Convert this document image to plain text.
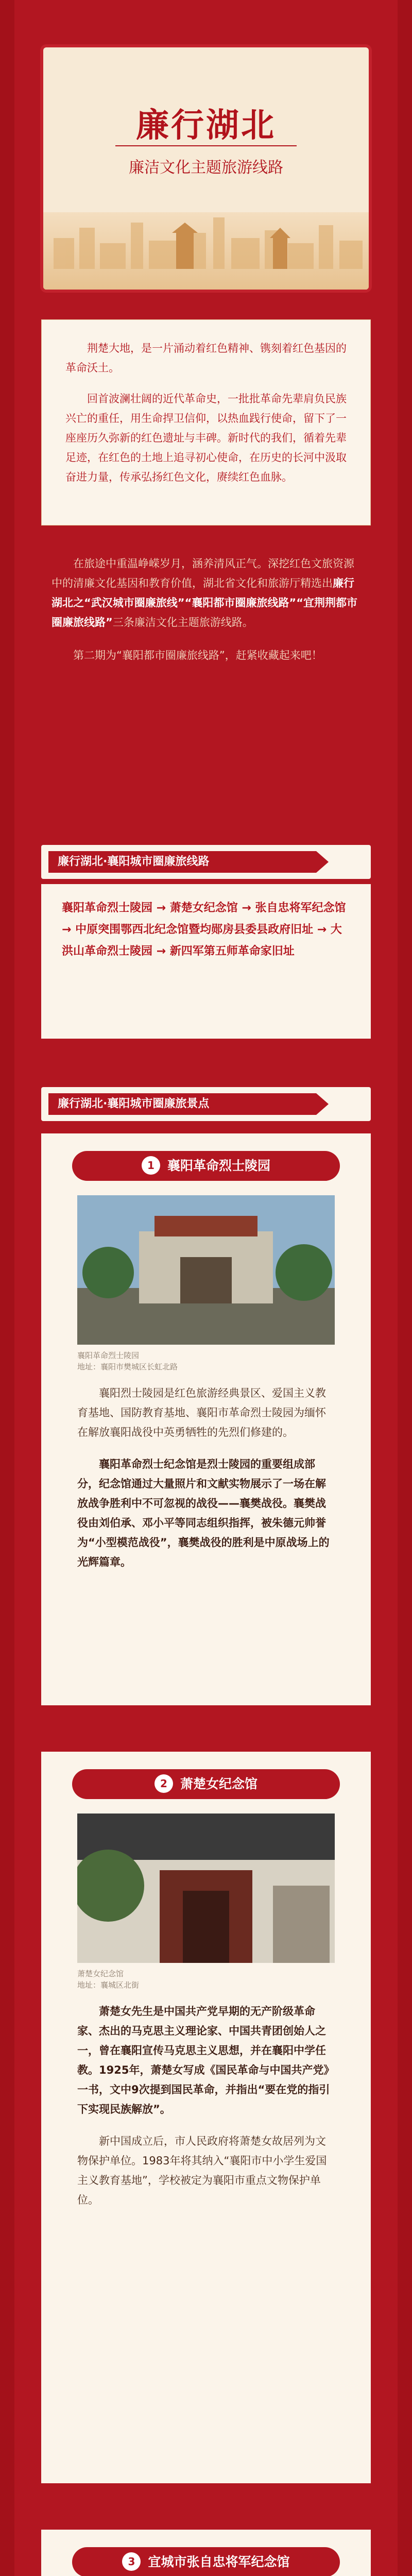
廉行湖北
廉洁文化主题旅游线路

荆楚大地，是一片涌动着红色精神、镌刻着红色基因的革命沃土。

回首波澜壮阔的近代革命史，一批批革命先辈肩负民族兴亡的重任，用生命捍卫信仰，以热血践行使命，留下了一座座历久弥新的红色遗址与丰碑。新时代的我们，循着先辈足迹，在红色的土地上追寻初心使命，在历史的长河中汲取奋进力量，传承弘扬红色文化，赓续红色血脉。

在旅途中重温峥嵘岁月，涵养清风正气。深挖红色文旅资源中的清廉文化基因和教育价值，湖北省文化和旅游厅精选出廉行湖北之“武汉城市圈廉旅线”“襄阳都市圈廉旅线路”“宜荆荆都市圈廉旅线路”三条廉洁文化主题旅游线路。

第二期为“襄阳都市圈廉旅线路”，赶紧收藏起来吧！

廉行湖北·襄阳城市圈廉旅线路
襄阳革命烈士陵园 → 萧楚女纪念馆 → 张自忠将军纪念馆 → 中原突围鄂西北纪念馆暨均郧房县委县政府旧址 → 大洪山革命烈士陵园 → 新四军第五师革命家旧址
廉行湖北·襄阳城市圈廉旅景点
1 襄阳革命烈士陵园

襄阳革命烈士陵园

地址：襄阳市樊城区长虹北路

襄阳烈士陵园是红色旅游经典景区、爱国主义教育基地、国防教育基地、襄阳市革命烈士陵园为缅怀在解放襄阳战役中英勇牺牲的先烈们修建的。

襄阳革命烈士纪念馆是烈士陵园的重要组成部分，纪念馆通过大量照片和文献实物展示了一场在解放战争胜利中不可忽视的战役——襄樊战役。襄樊战役由刘伯承、邓小平等同志组织指挥，被朱德元帅誉为“小型模范战役”，襄樊战役的胜利是中原战场上的光辉篇章。

2 萧楚女纪念馆

萧楚女纪念馆

地址：襄城区北街

萧楚女先生是中国共产党早期的无产阶级革命家、杰出的马克思主义理论家、中国共青团创始人之一，曾在襄阳宣传马克思主义思想，并在襄阳中学任教。1925年，萧楚女写成《国民革命与中国共产党》一书，文中9次提到国民革命，并指出“要在党的指引下实现民族解放”。

新中国成立后，市人民政府将萧楚女故居列为文物保护单位。1983年将其纳入“襄阳市中小学生爱国主义教育基地”，学校被定为襄阳市重点文物保护单位。

3 宜城市张自忠将军纪念馆
